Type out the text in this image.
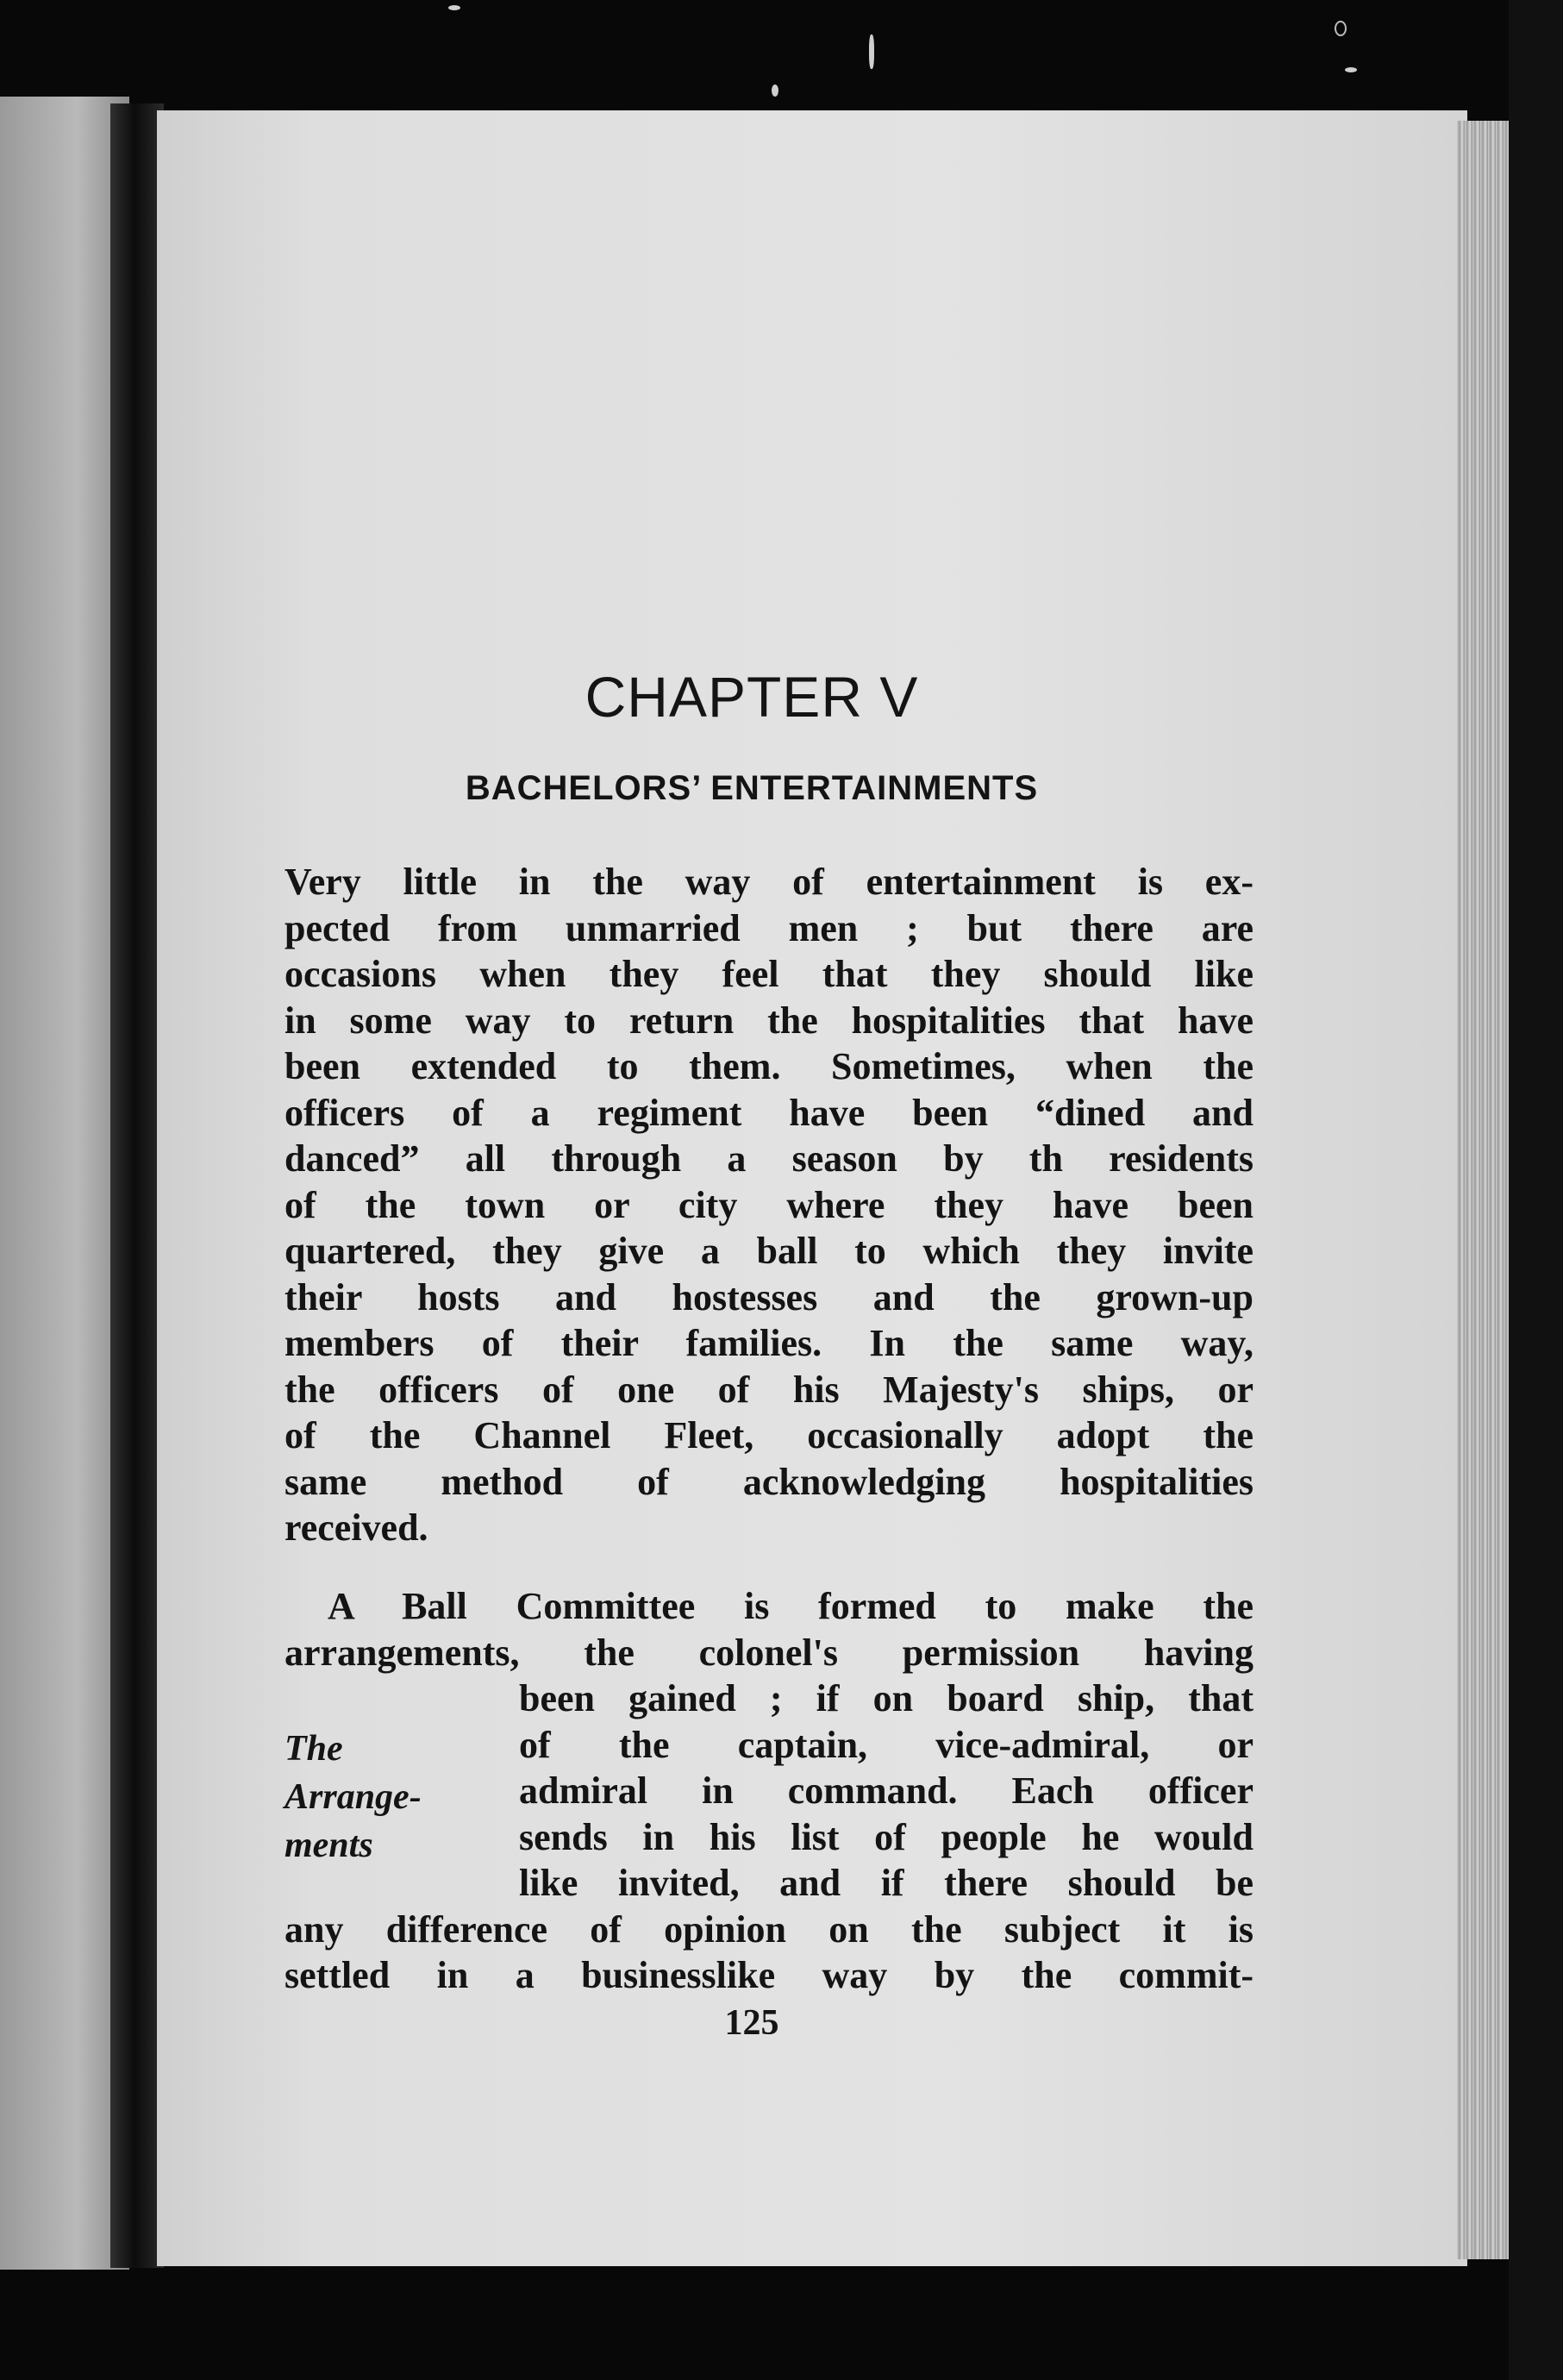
CHAPTER V
BACHELORS’ ENTERTAINMENTS
Very little in the way of entertainment is ex-
pected from unmarried men ; but there are
occasions when they feel that they should like
in some way to return the hospitalities that have
been extended to them. Sometimes, when the
officers of a regiment have been “dined and
danced” all through a season by th residents
of the town or city where they have been
quartered, they give a ball to which they invite
their hosts and hostesses and the grown-up
members of their families. In the same way,
the officers of one of his Majesty's ships, or
of the Channel Fleet, occasionally adopt the
same method of acknowledging hospitalities
received.
A Ball Committee is formed to make the
arrangements, the colonel's permission having
been gained ; if on board ship, that
of the captain, vice-admiral, or
admiral in command. Each officer
sends in his list of people he would
like invited, and if there should be
any difference of opinion on the subject it is
settled in a businesslike way by the commit-
The
Arrange-
ments
125
